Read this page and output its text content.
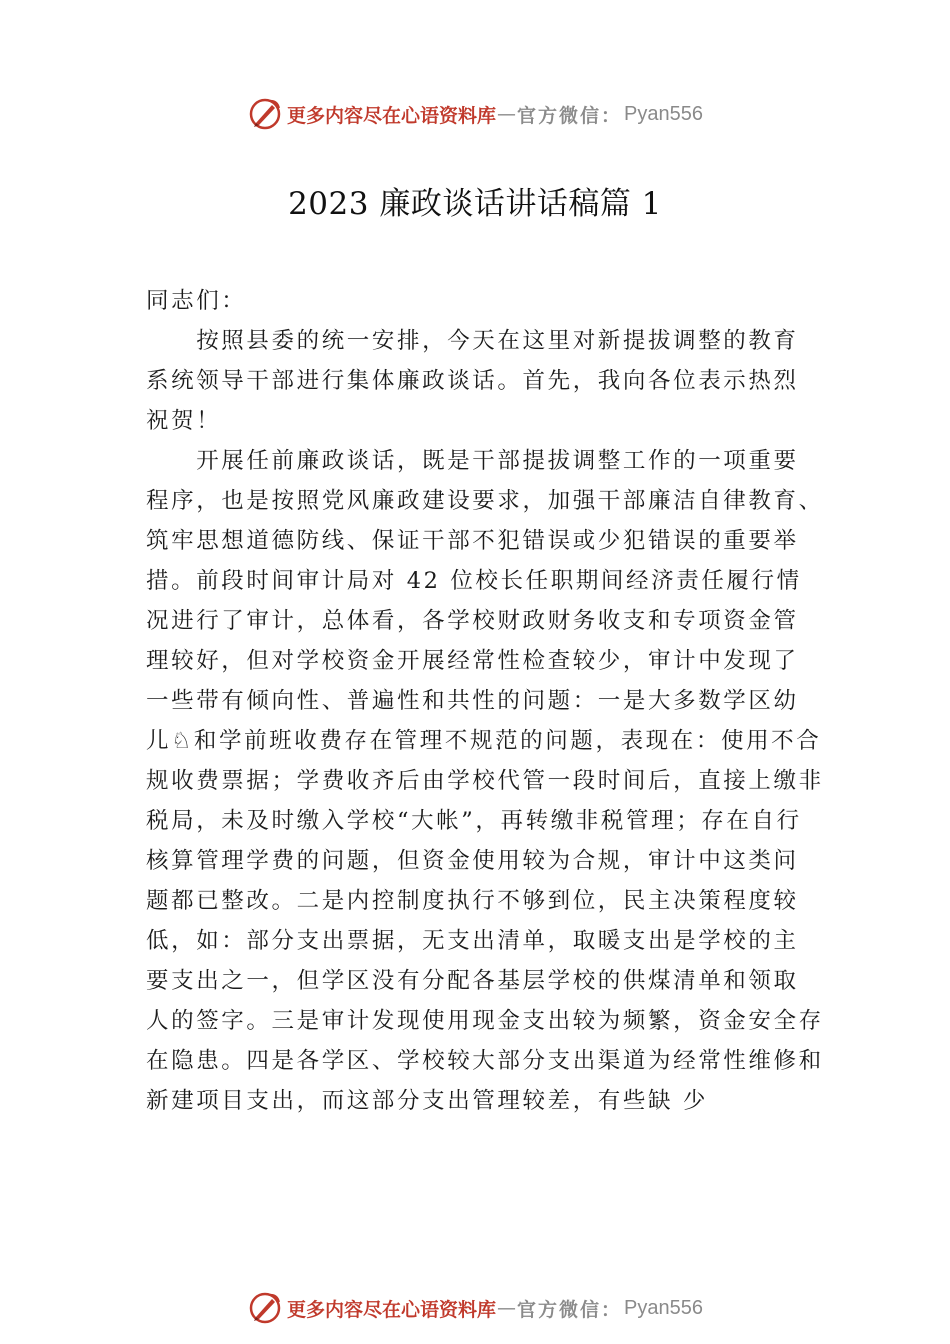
更多内容尽在心语资料库 — 官方微信： Pyan556
2023 廉政谈话讲话稿篇 1
同志们：
　　按照县委的统一安排，今天在这里对新提拔调整的教育
系统领导干部进行集体廉政谈话。首先，我向各位表示热烈
祝贺！
　　开展任前廉政谈话，既是干部提拔调整工作的一项重要
程序，也是按照党风廉政建设要求，加强干部廉洁自律教育、
筑牢思想道德防线、保证干部不犯错误或少犯错误的重要举
措。前段时间审计局对 42 位校长任职期间经济责任履行情
况进行了审计，总体看，各学校财政财务收支和专项资金管
理较好，但对学校资金开展经常性检查较少，审计中发现了
一些带有倾向性、普遍性和共性的问题：一是大多数学区幼
儿♘和学前班收费存在管理不规范的问题，表现在：使用不合
规收费票据；学费收齐后由学校代管一段时间后，直接上缴非
税局，未及时缴入学校“大帐”，再转缴非税管理；存在自行
核算管理学费的问题，但资金使用较为合规，审计中这类问
题都已整改。二是内控制度执行不够到位，民主决策程度较
低，如：部分支出票据，无支出清单，取暖支出是学校的主
要支出之一，但学区没有分配各基层学校的供煤清单和领取
人的签字。三是审计发现使用现金支出较为频繁，资金安全存
在隐患。四是各学区、学校较大部分支出渠道为经常性维修和
新建项目支出，而这部分支出管理较差，有些缺 少
更多内容尽在心语资料库 — 官方微信： Pyan556
